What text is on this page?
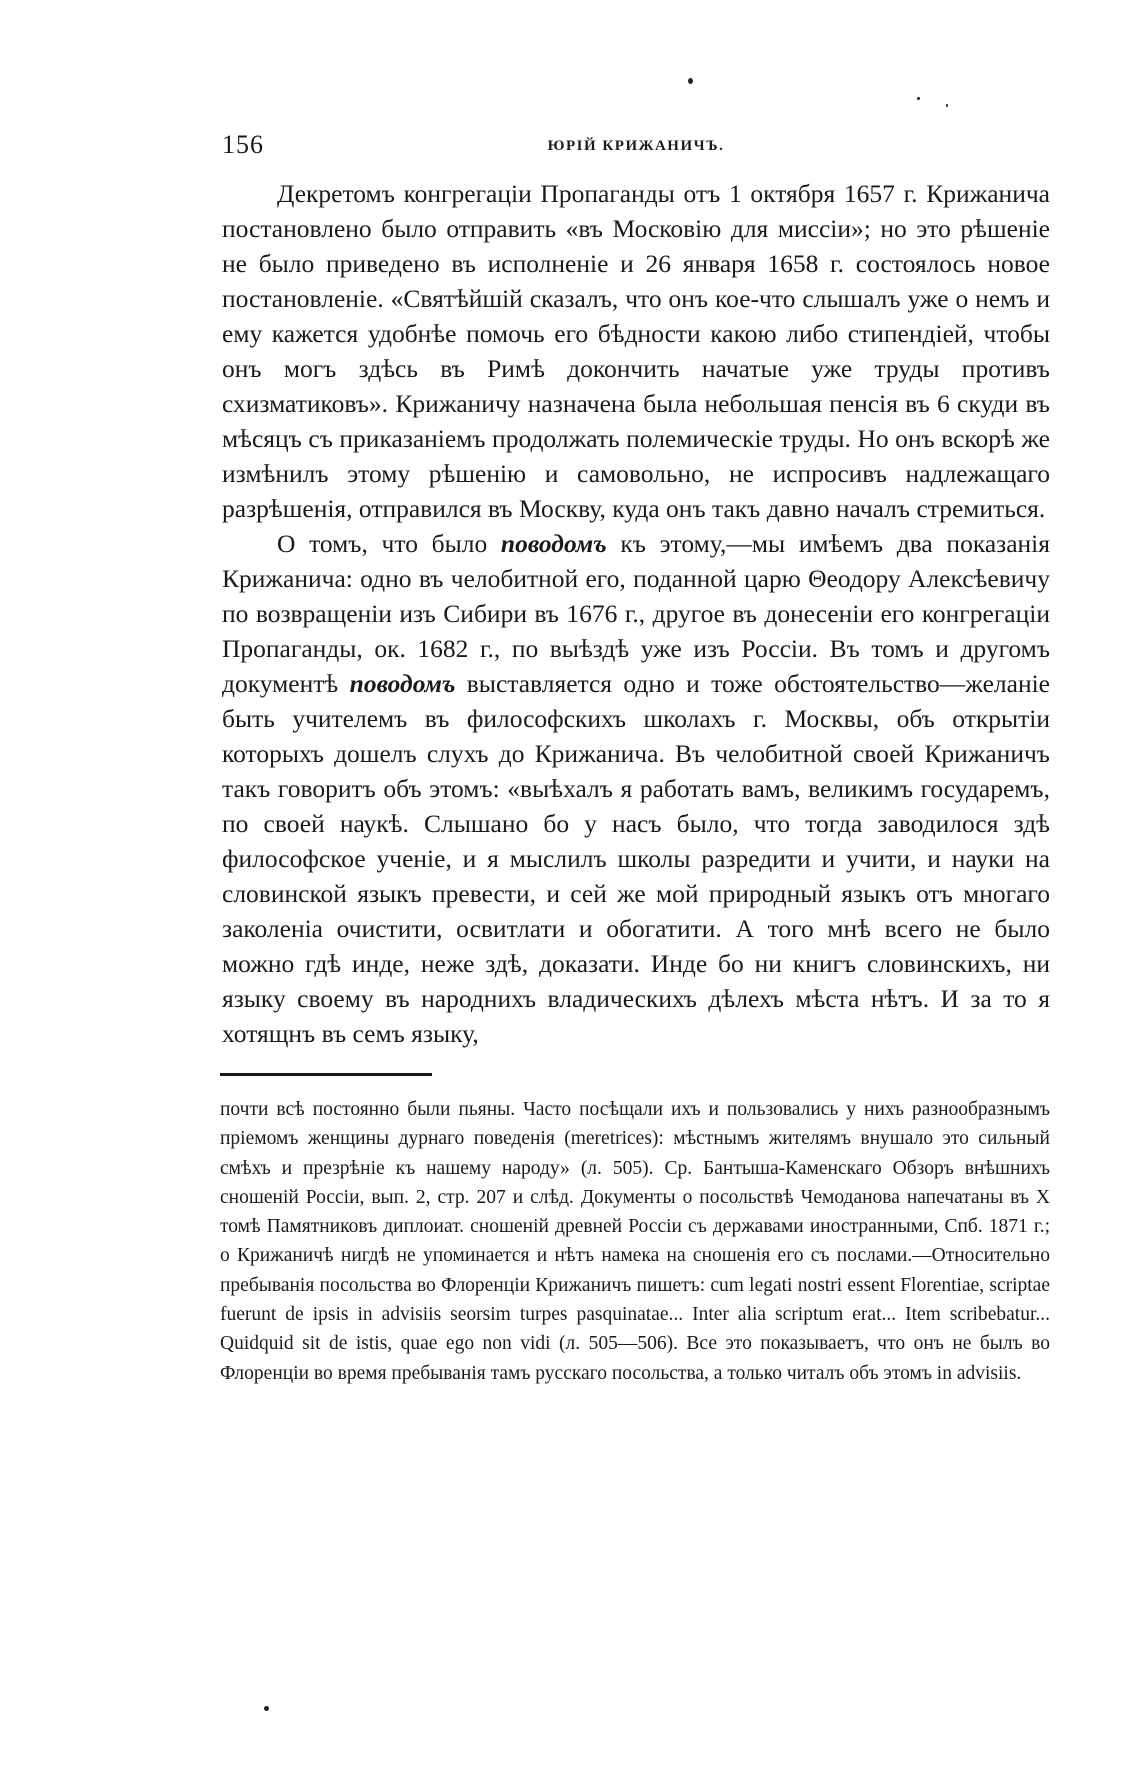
156	ЮРІЙ КРИЖАНИЧЪ.

Декретомъ конгрегаціи Пропаганды отъ 1 октября 1657 г. Крижанича постановлено было отправить «въ Московію для миссіи»; но это рѣшеніе не было приведено въ исполненіе и 26 января 1658 г. состоялось новое постановленіе. «Святѣйшій сказалъ, что онъ кое-что слышалъ уже о немъ и ему кажется удобнѣе помочь его бѣдности какою либо стипендіей, чтобы онъ могъ здѣсь въ Римѣ докончить начатые уже труды противъ схизматиковъ». Крижаничу назначена была небольшая пенсія въ 6 скуди въ мѣсяцъ съ приказаніемъ продолжать полемическіе труды. Но онъ вскорѣ же измѣнилъ этому рѣшенію и самовольно, не испросивъ надлежащаго разрѣшенія, отправился въ Москву, куда онъ такъ давно началъ стремиться.

О томъ, что было поводомъ къ этому,—мы имѣемъ два показанія Крижанича: одно въ челобитной его, поданной царю Θеодору Алексѣевичу по возвращеніи изъ Сибири въ 1676 г., другое въ донесеніи его конгрегаціи Пропаганды, ок. 1682 г., по выѣздѣ уже изъ Россіи. Въ томъ и другомъ документѣ поводомъ выставляется одно и тоже обстоятельство—желаніе быть учителемъ въ философскихъ школахъ г. Москвы, объ открытіи которыхъ дошелъ слухъ до Крижанича. Въ челобитной своей Крижаничъ такъ говоритъ объ этомъ: «выѣхалъ я работать вамъ, великимъ государемъ, по своей наукѣ. Слышано бо у насъ было, что тогда заводилося здѣ философское ученіе, и я мыслилъ школы разредити и учити, и науки на словинской языкъ превести, и сей же мой природный языкъ отъ многаго заколеніа очистити, освитлати и обогатити. А того мнѣ всего не было можно гдѣ инде, неже здѣ, доказати. Инде бо ни книгъ словинскихъ, ни языку своему въ народнихъ владическихъ дѣлехъ мѣста нѣтъ. И за то я хотящнъ въ семъ языку,

почти всѣ постоянно были пьяны. Часто посѣщали ихъ и пользовались у нихъ разнообразнымъ пріемомъ женщины дурнаго поведенія (meretrices): мѣстнымъ жителямъ внушало это сильный смѣхъ и презрѣніе къ нашему народу» (л. 505). Ср. Бантыша-Каменскаго Обзоръ внѣшнихъ сношеній Россіи, вып. 2, стр. 207 и слѣд. Документы о посольствѣ Чемоданова напечатаны въ X томѣ Памятниковъ диплоиат. сношеній древней Россіи съ державами иностранными, Спб. 1871 г.; о Крижаничѣ нигдѣ не упоминается и нѣтъ намека на сношенія его съ послами.—Относительно пребыванія посольства во Флоренціи Крижаничъ пишетъ: cum legati nostri essent Florentiae, scriptae fuerunt de ipsis in advisiis seorsim turpes pasquinatae... Inter alia scriptum erat... Item scribebatur... Quidquid sit de istis, quae ego non vidi (л. 505—506). Все это показываетъ, что онъ не былъ во Флоренціи во время пребыванія тамъ русскаго посольства, а только читалъ объ этомъ in advisiis.
